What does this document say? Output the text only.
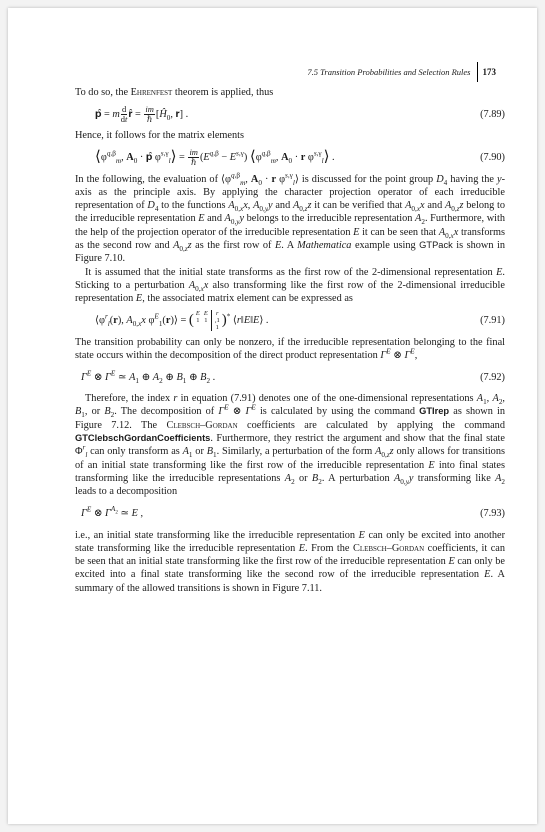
7.5 Transition Probabilities and Selection Rules 173

To do so, the Ehrenfest theorem is applied, thus

𝐩̂ = m $\frac{d}{dt}$ 𝐫̂ = $\frac{im}{\text{ℏ}}$ [$Ĥ_0$, 𝐫] .	(7.89)

Hence, it follows for the matrix elements

$⟨\varphi^{q,\beta}_m$, $A_0$ · 𝐩̂ $\varphi^{s,\gamma}_l⟩ = \frac{im}{\text{ℏ}} (E^{q,\beta} - E^{s,\gamma})$ $⟨\varphi^{q,\beta}_m$, $A_0 \cdot r$ $\varphi^{s,\gamma}_l⟩$ .	(7.90)

In the following, the evaluation of $⟨\varphi^{q,\beta}_m$, $A_0 \cdot r$ $\varphi^{s,\gamma}_l⟩$ is discussed for the point group $D_4$ having the y-axis as the principle axis. By applying the character projection operator of each irreducible representation of $D_4$ to the functions $A_{0,x}x$, $A_{0,y}y$ and $A_{0,z}z$ it can be verified that $A_{0,x}x$ and $A_{0,z}z$ belong to the irreducible representation E and $A_{0,y}y$ belongs to the irreducible representation $A_2$. Furthermore, with the help of the projection operator of the irreducible representation E it can be seen that $A_{0,x}x$ transforms as the second row and $A_{0,z}z$ as the first row of E. A Mathematica example using GTPack is shown in Figure 7.10.

It is assumed that the initial state transforms as the first row of the 2-dimensional representation E. Sticking to a perturbation $A_{0,x}x$ also transforming like the first row of the 2-dimensional irreducible representation E, the associated matrix element can be expressed as

$⟨\varphi^r_l(r)$, $A_{0,x}x$ $\varphi^E_1(r)⟩$ = ( E
1
E
1
r
,1
1 )* ⟨r‖E‖E⟩ .	(7.91)

The transition probability can only be nonzero, if the irreducible representation belonging to the final state occurs within the decomposition of the direct product representation $\Gamma^E$ ⊗ $\Gamma^E$,

$\Gamma^E$ ⊗ $\Gamma^E$ ≃ $A_1$ ⊕ $A_2$ ⊕ $B_1$ ⊕ $B_2$ .	(7.92)

Therefore, the index r in equation (7.91) denotes one of the one-dimensional representations $A_1$, $A_2$, $B_1$, or $B_2$. The decomposition of $\Gamma^E$ ⊗ $\Gamma^E$ is calculated by using the command GTIrep as shown in Figure 7.12. The Clebsch–Gordan coefficients are calculated by applying the command GTClebschGordanCoefficients. Furthermore, they restrict the argument and show that the final state $\Phi^r_l$ can only transform as $A_1$ or $B_1$. Similarly, a perturbation of the form $A_{0,z}z$ only allows for transitions of an initial state transforming like the first row of the irreducible representation E into final states transforming like the irreducible representations $A_2$ or $B_2$. A perturbation $A_{0,y}y$ transforming like $A_2$ leads to a decomposition

$\Gamma^E$ ⊗ $\Gamma^{A_2}$ ≃ E ,	(7.93)

i.e., an initial state transforming like the irreducible representation E can only be excited into another state transforming like the irreducible representation E. From the Clebsch–Gordan coefficients, it can be seen that an initial state transforming like the first row of the irreducible representation E can only be excited into a final state transforming like the second row of the irreducible representation E. A summary of the allowed transitions is shown in Figure 7.11.
